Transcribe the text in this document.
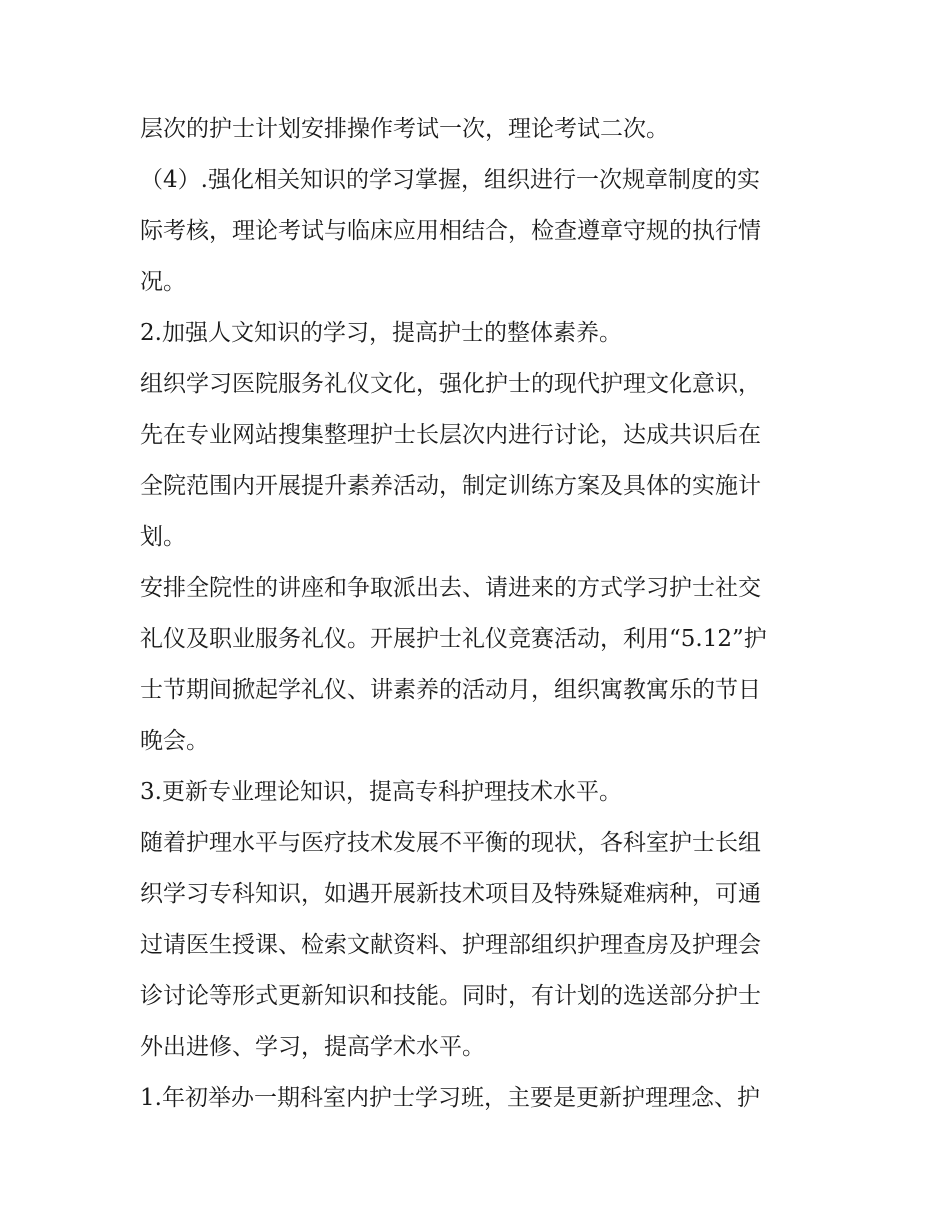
层次的护士计划安排操作考试一次，理论考试二次。
（4）.强化相关知识的学习掌握，组织进行一次规章制度的实
际考核，理论考试与临床应用相结合，检查遵章守规的执行情
况。
2.加强人文知识的学习，提高护士的整体素养。
组织学习医院服务礼仪文化，强化护士的现代护理文化意识，
先在专业网站搜集整理护士长层次内进行讨论，达成共识后在
全院范围内开展提升素养活动，制定训练方案及具体的实施计
划。
安排全院性的讲座和争取派出去、请进来的方式学习护士社交
礼仪及职业服务礼仪。开展护士礼仪竞赛活动，利用“5.12”护
士节期间掀起学礼仪、讲素养的活动月，组织寓教寓乐的节日
晚会。
3.更新专业理论知识，提高专科护理技术水平。
随着护理水平与医疗技术发展不平衡的现状，各科室护士长组
织学习专科知识，如遇开展新技术项目及特殊疑难病种，可通
过请医生授课、检索文献资料、护理部组织护理查房及护理会
诊讨论等形式更新知识和技能。同时，有计划的选送部分护士
外出进修、学习，提高学术水平。
1.年初举办一期科室内护士学习班，主要是更新护理理念、护
